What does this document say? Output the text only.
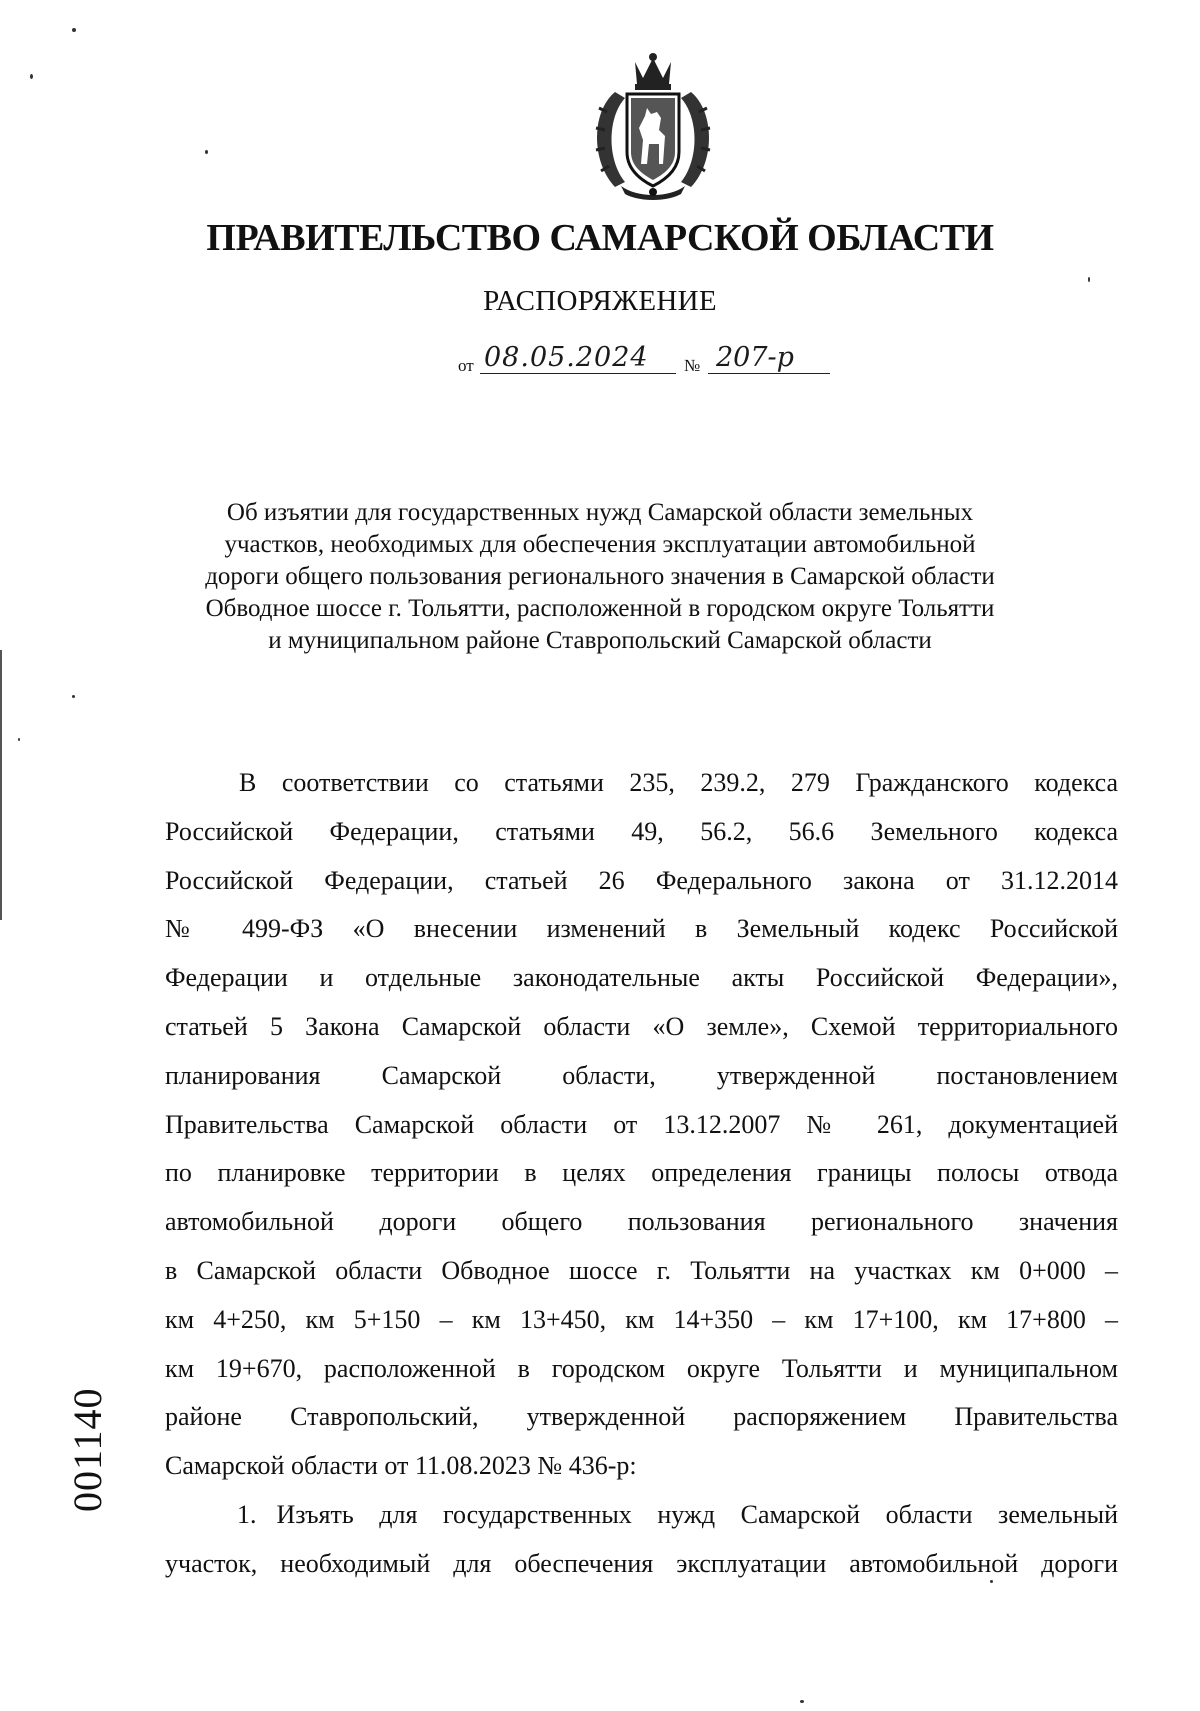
ПРАВИТЕЛЬСТВО САМАРСКОЙ ОБЛАСТИ
РАСПОРЯЖЕНИЕ
от 08.05.2024 № 207-р
Об изъятии для государственных нужд Самарской области земельных
участков, необходимых для обеспечения эксплуатации автомобильной
дороги общего пользования регионального значения в Самарской области
Обводное шоссе г. Тольятти, расположенной в городском округе Тольятти
и муниципальном районе Ставропольский Самарской области
В соответствии со статьями 235, 239.2, 279 Гражданского кодекса
Российской Федерации, статьями 49, 56.2, 56.6 Земельного кодекса
Российской Федерации, статьей 26 Федерального закона от 31.12.2014
№ 499-ФЗ «О внесении изменений в Земельный кодекс Российской
Федерации и отдельные законодательные акты Российской Федерации»,
статьей 5 Закона Самарской области «О земле», Схемой территориального
планирования Самарской области, утвержденной постановлением
Правительства Самарской области от 13.12.2007 № 261, документацией
по планировке территории в целях определения границы полосы отвода
автомобильной дороги общего пользования регионального значения
в Самарской области Обводное шоссе г. Тольятти на участках км 0+000 –
км 4+250, км 5+150 – км 13+450, км 14+350 – км 17+100, км 17+800 –
км 19+670, расположенной в городском округе Тольятти и муниципальном
районе Ставропольский, утвержденной распоряжением Правительства
Самарской области от 11.08.2023 № 436-р:
1. Изъять для государственных нужд Самарской области земельный
участок, необходимый для обеспечения эксплуатации автомобильной дороги
001140
